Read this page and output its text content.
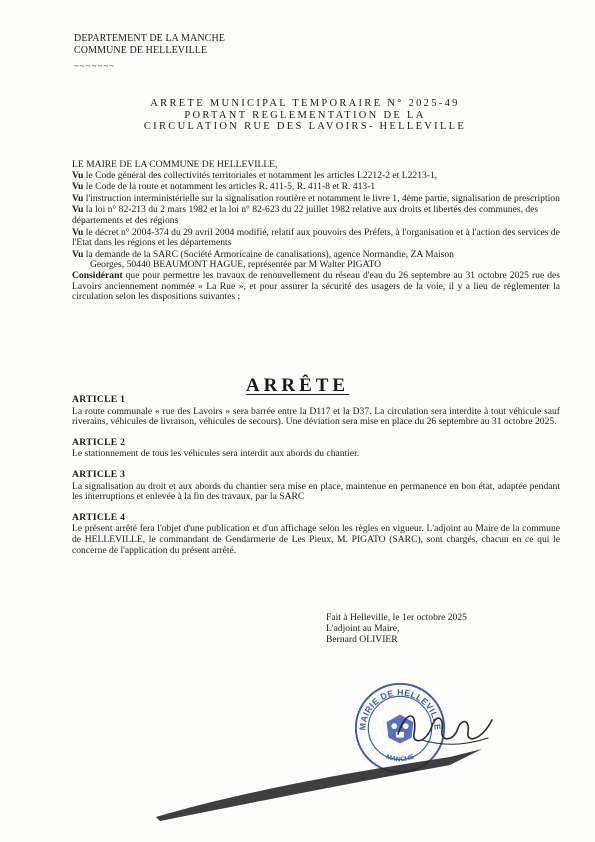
DEPARTEMENT DE LA MANCHE
COMMUNE DE HELLEVILLE
~~~~~~~
ARRETE MUNICIPAL TEMPORAIRE N° 2025-49
PORTANT REGLEMENTATION DE LA
CIRCULATION RUE DES LAVOIRS- HELLEVILLE

LE MAIRE DE LA COMMUNE DE HELLEVILLE,

Vu le Code général des collectivités territoriales et notamment les articles L2212-2 et L2213-1,

Vu le Code de la route et notamment les articles R. 411-5, R. 411-8 et R. 413-1

Vu l'instruction interministérielle sur la signalisation routière et notamment le livre 1, 4ème partie, signalisation de prescription

Vu la loi n° 82-213 du 2 mars 1982 et la loi n° 82-623 du 22 juillet 1982 relative aux droits et libertés des communes, des départements et des régions

Vu le décret n° 2004-374 du 29 avril 2004 modifié, relatif aux pouvoirs des Préfets, à l'organisation et à l'action des services de l'Etat dans les régions et les départements

Vu la demande de la SARC (Société Armoricaine de canalisations), agence Normandie, ZA Maison
Georges, 50440 BEAUMONT HAGUE, représentée par M Walter PIGATO

Considérant que pour permettre les travaux de renouvellement du réseau d'eau du 26 septembre au 31 octobre 2025 rue des Lavoirs anciennement nommée « La Rue », et pour assurer la sécurité des usagers de la voie, il y a lieu de réglementer la circulation selon les dispositions suivantes ;

ARRÊTE
ARTICLE 1

La route communale « rue des Lavoirs » sera barrée entre la D117 et la D37. La circulation sera interdite à tout véhicule sauf riverains, véhicules de livraison, véhicules de secours). Une déviation sera mise en place du 26 septembre au 31 octobre 2025.

ARTICLE 2

Le stationnement de tous les véhicules sera interdit aux abords du chantier.

ARTICLE 3

La signalisation au droit et aux abords du chantier sera mise en place, maintenue en permanence en bon état, adaptée pendant les interruptions et enlevée à la fin des travaux, par la SARC

ARTICLE 4

Le présent arrêté fera l'objet d'une publication et d'un affichage selon les règles en vigueur. L'adjoint au Maire de la commune de HELLEVILLE, le commandant de Gendarmerie de Les Pieux, M. PIGATO (SARC), sont chargés, chacun en ce qui le concerne de l'application du présent arrêté.

Fait à Helleville, le 1er octobre 2025
L'adjoint au Maire,
Bernard OLIVIER
MAIRIE DE HELLEVILLE
MANCHE
